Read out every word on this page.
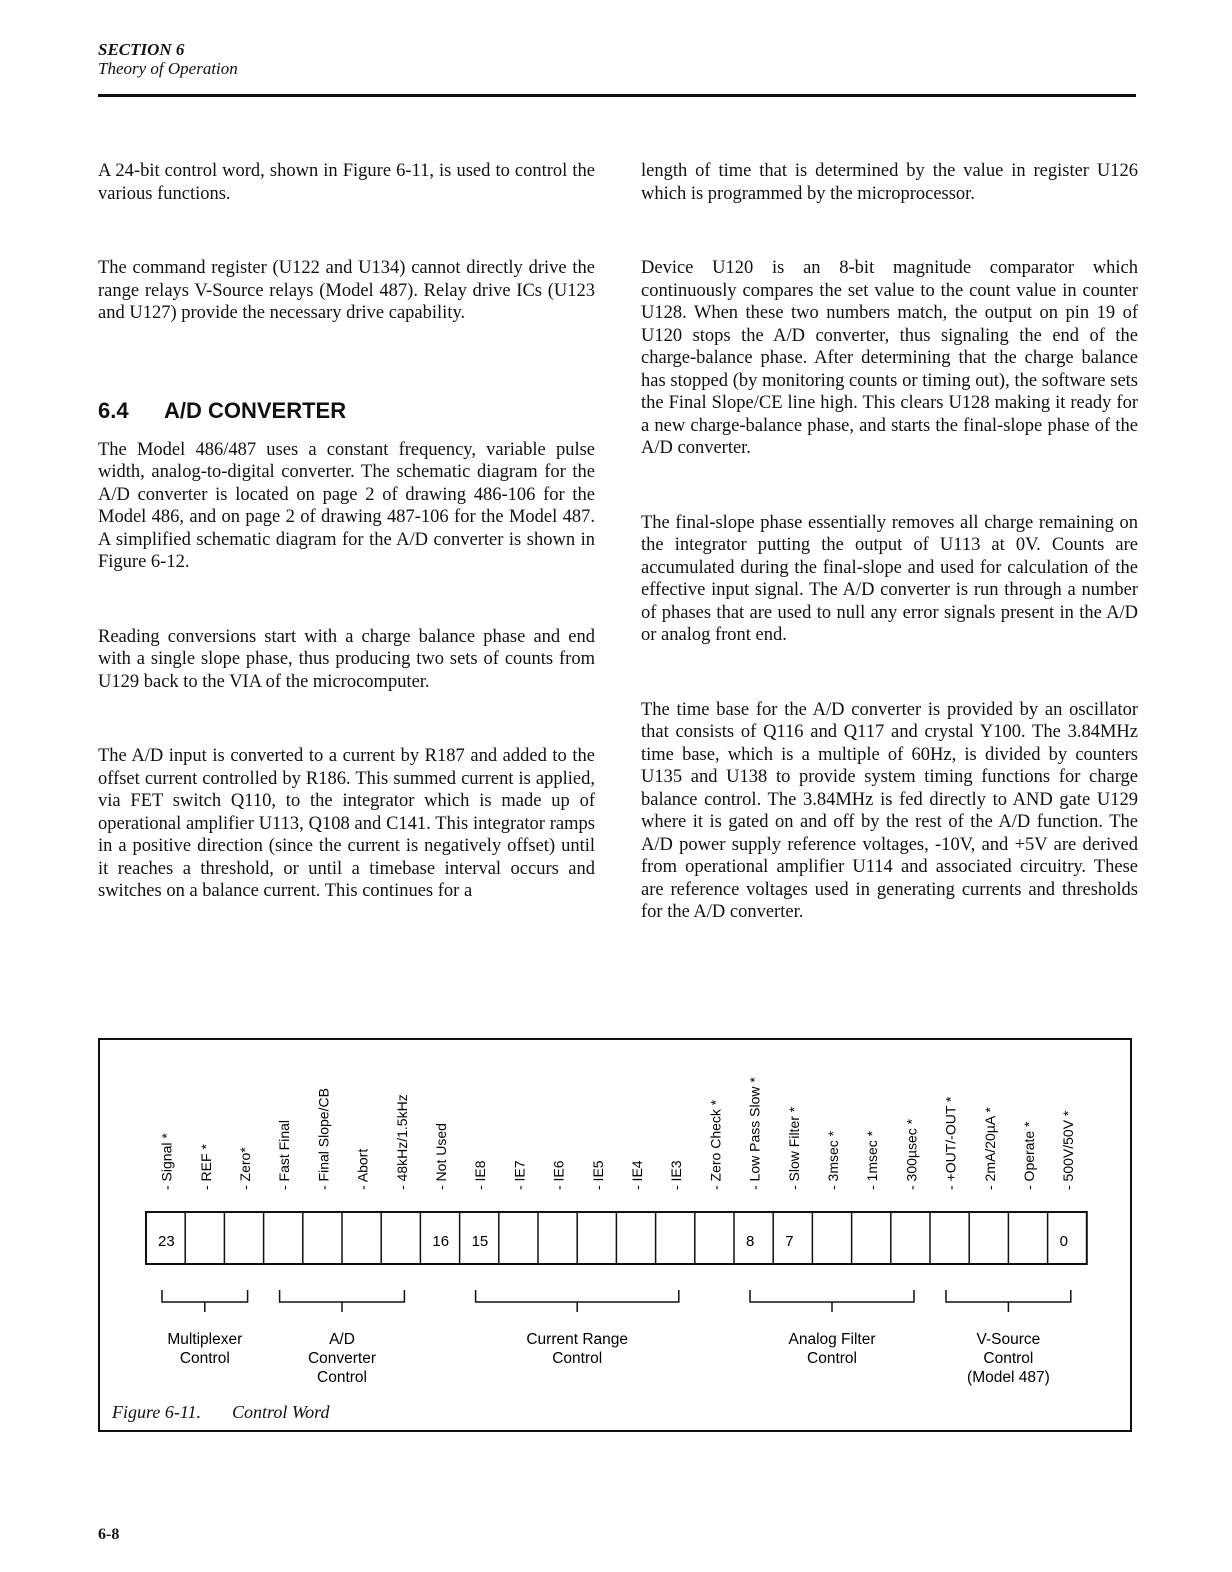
SECTION 6
Theory of Operation

A 24-bit control word, shown in Figure 6-11, is used to control the various functions.

The command register (U122 and U134) cannot directly drive the range relays V-Source relays (Model 487). Relay drive ICs (U123 and U127) provide the necessary drive capability.

The Model 486/487 uses a constant frequency, variable pulse width, analog-to-digital converter. The schematic diagram for the A/D converter is located on page 2 of drawing 486-106 for the Model 486, and on page 2 of drawing 487-106 for the Model 487. A simplified schematic diagram for the A/D converter is shown in Figure 6-12.

Reading conversions start with a charge balance phase and end with a single slope phase, thus producing two sets of counts from U129 back to the VIA of the microcomputer.

The A/D input is converted to a current by R187 and added to the offset current controlled by R186. This summed current is applied, via FET switch Q110, to the integrator which is made up of operational amplifier U113, Q108 and C141. This integrator ramps in a positive direction (since the current is negatively offset) until it reaches a threshold, or until a timebase interval occurs and switches on a balance current. This continues for a

6.4 A/D CONVERTER

length of time that is determined by the value in register U126 which is programmed by the microprocessor.

Device U120 is an 8-bit magnitude comparator which continuously compares the set value to the count value in counter U128. When these two numbers match, the output on pin 19 of U120 stops the A/D converter, thus signaling the end of the charge-balance phase. After determining that the charge balance has stopped (by monitoring counts or timing out), the software sets the Final Slope/CE line high. This clears U128 making it ready for a new charge-balance phase, and starts the final-slope phase of the A/D converter.

The final-slope phase essentially removes all charge remaining on the integrator putting the output of U113 at 0V. Counts are accumulated during the final-slope and used for calculation of the effective input signal. The A/D converter is run through a number of phases that are used to null any error signals present in the A/D or analog front end.

The time base for the A/D converter is provided by an oscillator that consists of Q116 and Q117 and crystal Y100. The 3.84MHz time base, which is a multiple of 60Hz, is divided by counters U135 and U138 to provide system timing functions for charge balance control. The 3.84MHz is fed directly to AND gate U129 where it is gated on and off by the rest of the A/D function. The A/D power supply reference voltages, -10V, and +5V are derived from operational amplifier U114 and associated circuitry. These are reference voltages used in generating currents and thresholds for the A/D converter.

- Signal * - REF * - Zero* - Fast Final - Final Slope/CB - Abort - 48kHz/1.5kHz - Not Used - IE8 - IE7 - IE6 - IE5 - IE4 - IE3 - Zero Check * - Low Pass Slow * - Slow Filter * - 3msec * - 1msec * - 300µsec * - +OUT/-OUT * - 2mA/20µA * - Operate * - 500V/50V *
23	16 15	8 7	0
Multiplexer
Control
A/D
Converter
Control
Current Range
Control
Analog Filter
Control
V-Source
Control
(Model 487)
Figure 6-11. Control Word
6-8
